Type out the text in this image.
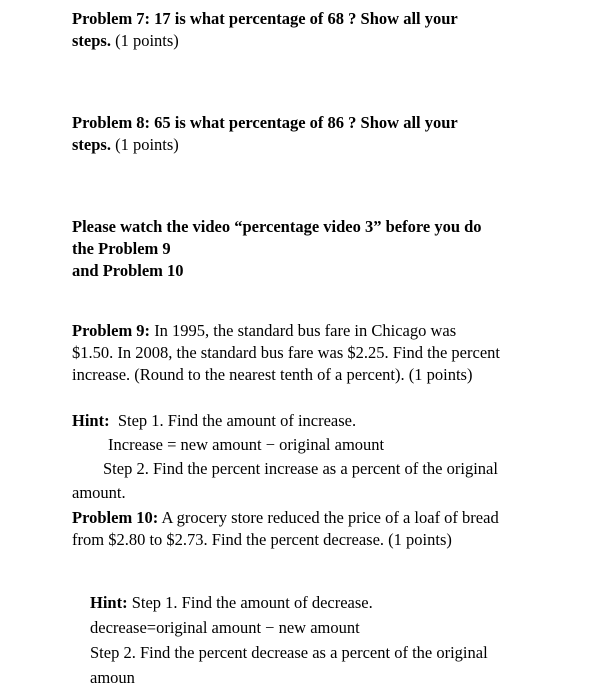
Problem 7: 17 is what percentage of 68 ? Show all your
steps. (1 points)
Problem 8: 65 is what percentage of 86 ? Show all your
steps. (1 points)
Please watch the video “percentage video 3” before you do
the Problem 9
and Problem 10
Problem 9: In 1995, the standard bus fare in Chicago was
$1.50. In 2008, the standard bus fare was $2.25. Find the percent
increase. (Round to the nearest tenth of a percent). (1 points)
Hint:  Step 1. Find the amount of increase.
Increase = new amount − original amount
Step 2. Find the percent increase as a percent of the original
amount.
Problem 10: A grocery store reduced the price of a loaf of bread
from $2.80 to $2.73. Find the percent decrease. (1 points)
Hint: Step 1. Find the amount of decrease.
decrease=original amount − new amount
Step 2. Find the percent decrease as a percent of the original
amoun
